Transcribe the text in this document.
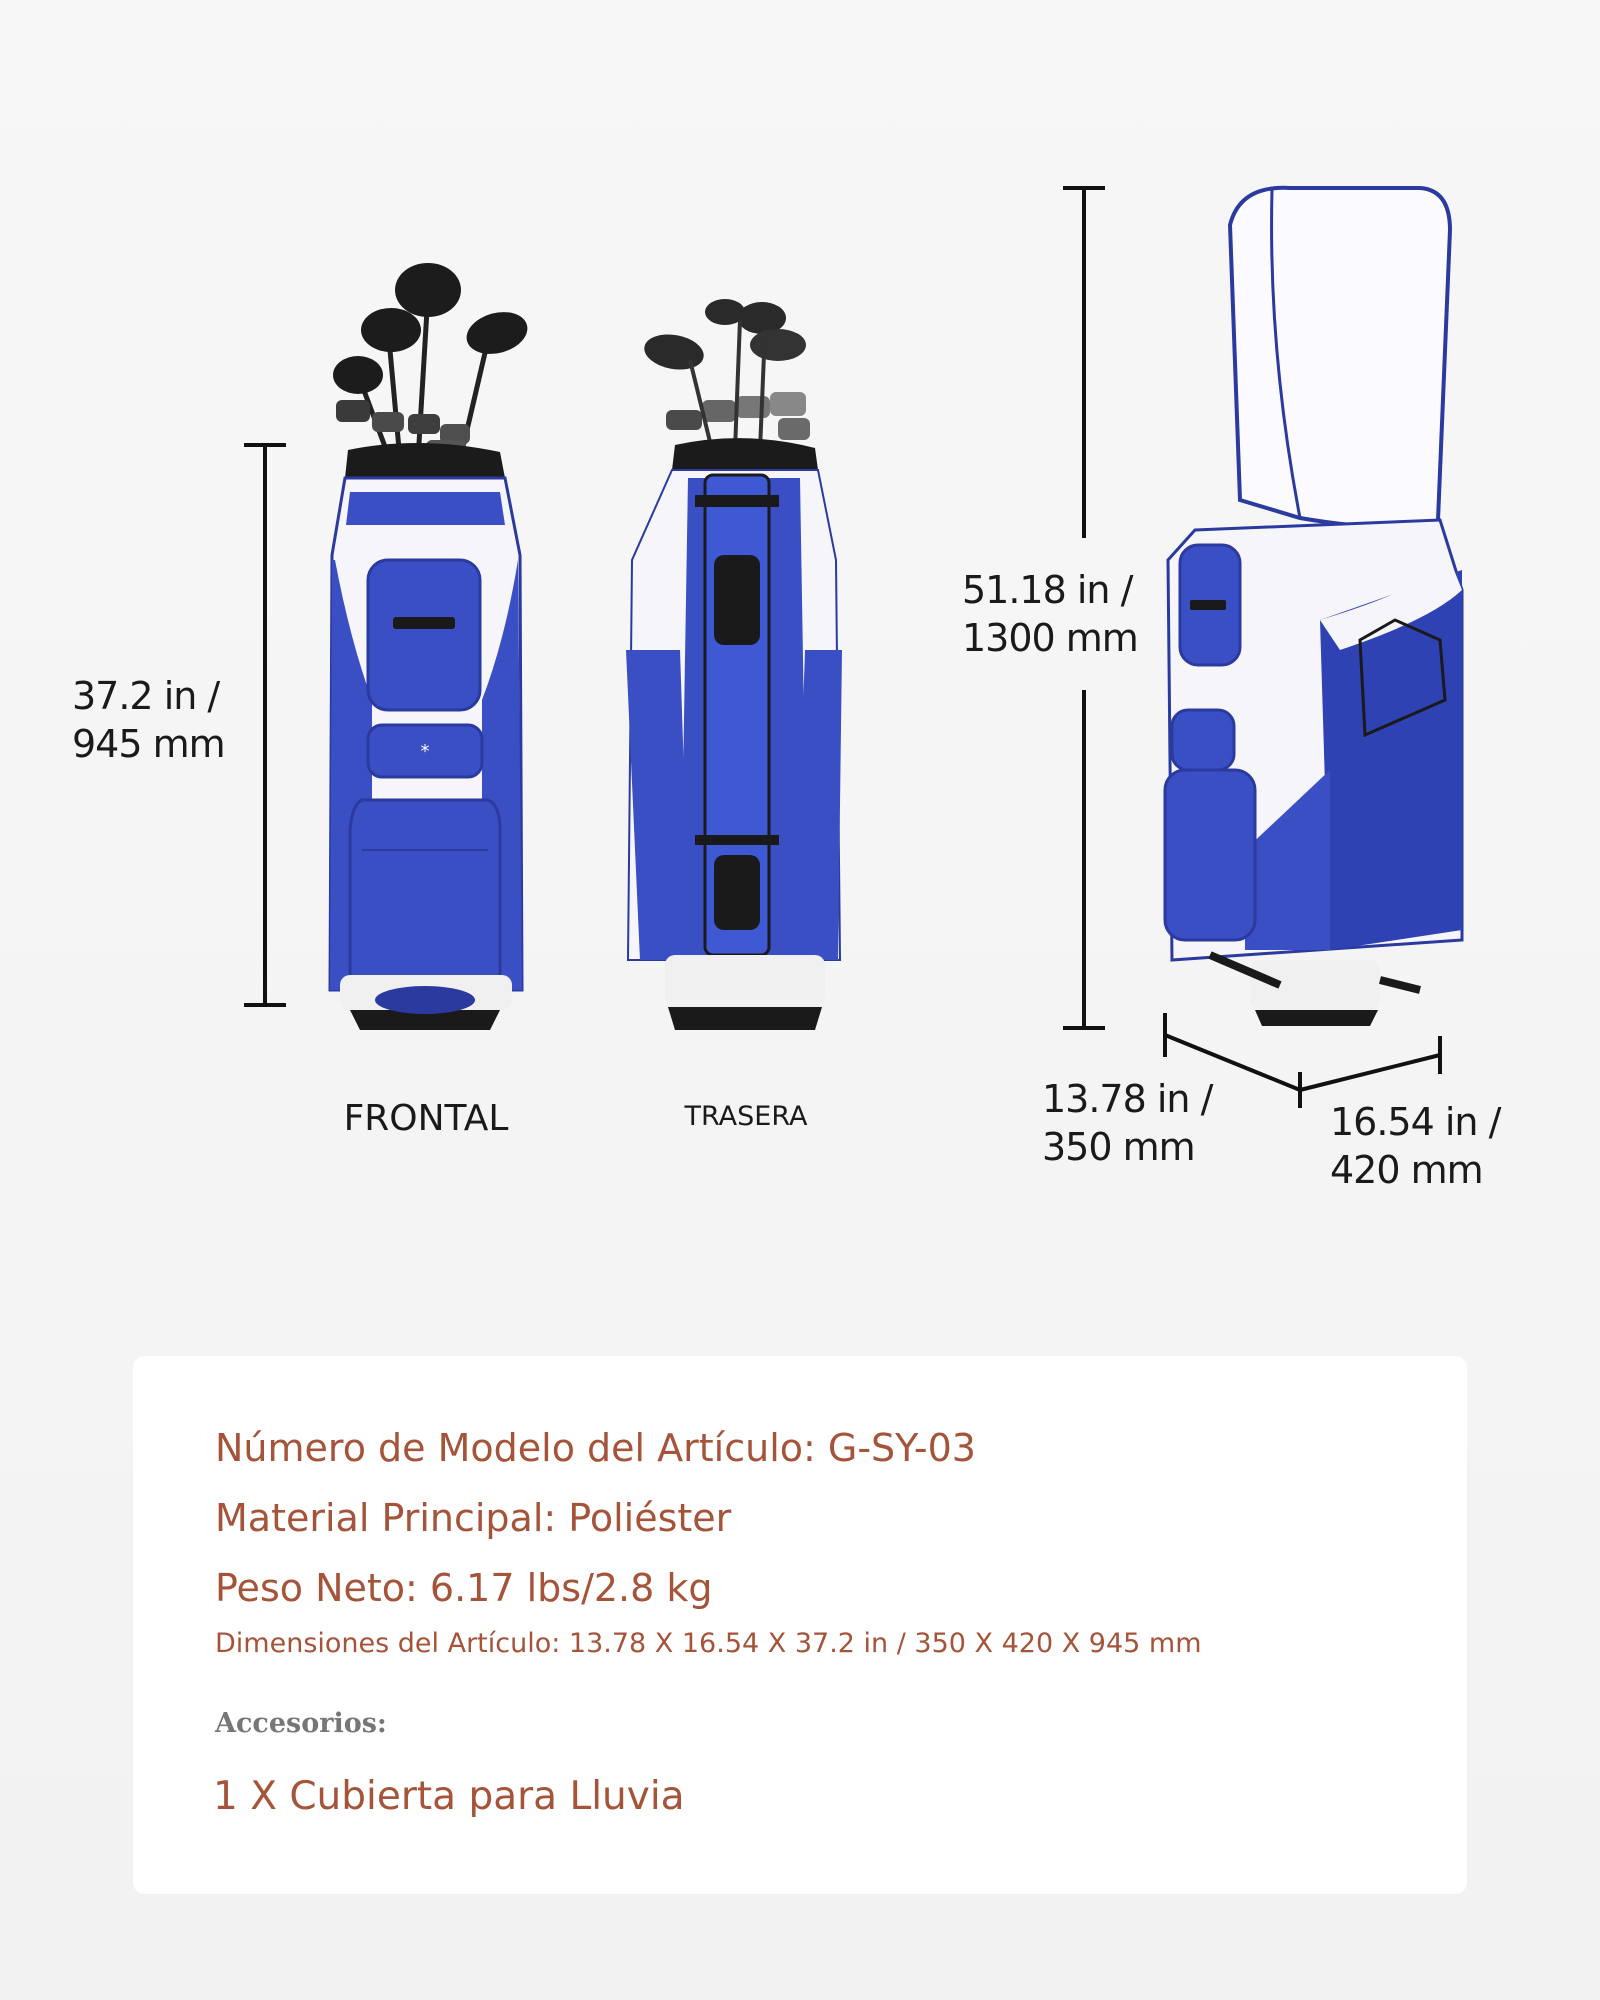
*
37.2 in /
945 mm
51.18 in /
1300 mm
13.78 in /
350 mm
16.54 in /
420 mm
FRONTAL	TRASERA
Número de Modelo del Artículo: G-SY-03
Material Principal: Poliéster
Peso Neto: 6.17 lbs/2.8 kg
Dimensiones del Artículo: 13.78 X 16.54 X 37.2 in / 350 X 420 X 945 mm
Accesorios:
1 X Cubierta para Lluvia
